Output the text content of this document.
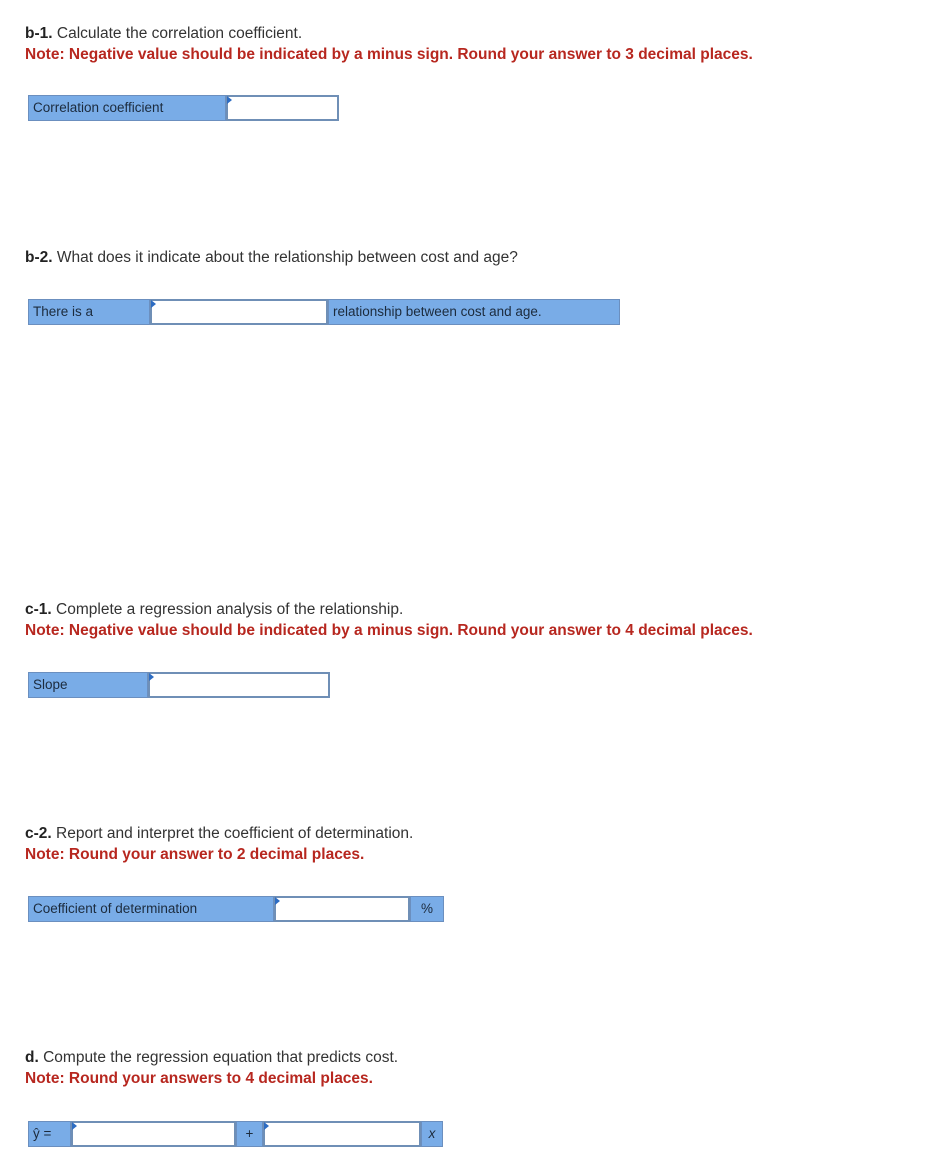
b-1. Calculate the correlation coefficient.
Note: Negative value should be indicated by a minus sign. Round your answer to 3 decimal places.
Correlation coefficient
b-2. What does it indicate about the relationship between cost and age?
There is a	relationship between cost and age.
c-1. Complete a regression analysis of the relationship.
Note: Negative value should be indicated by a minus sign. Round your answer to 4 decimal places.
Slope
c-2. Report and interpret the coefficient of determination.
Note: Round your answer to 2 decimal places.
Coefficient of determination	%
d. Compute the regression equation that predicts cost.
Note: Round your answers to 4 decimal places.
ŷ =	+	x
